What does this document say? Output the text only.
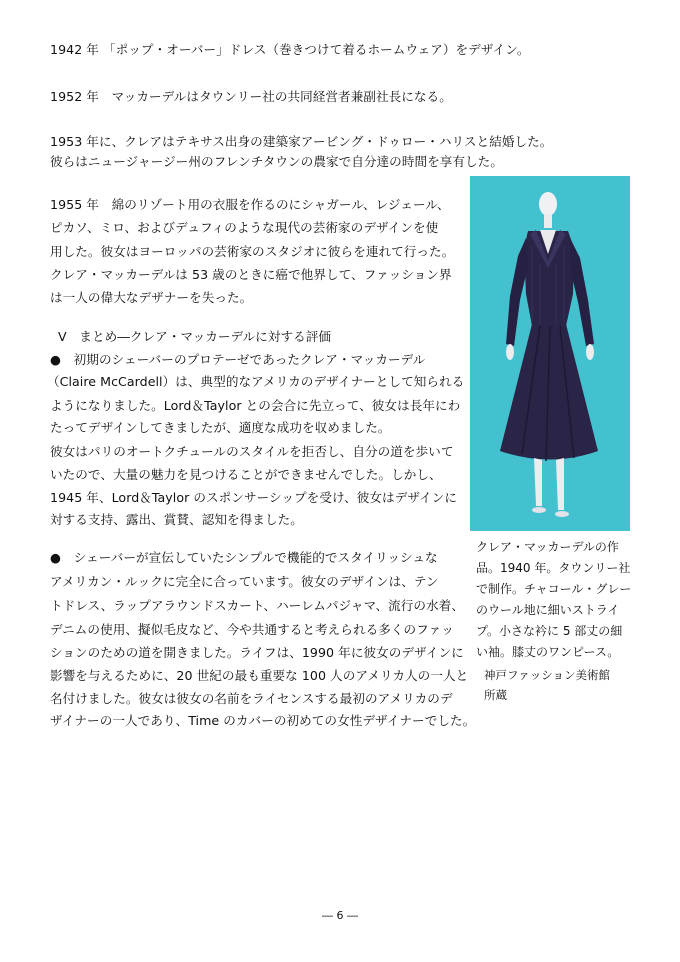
1942 年 「ポップ・オーバー」ドレス（巻きつけて着るホームウェア）をデザイン。
1952 年　マッカーデルはタウンリー社の共同経営者兼副社長になる。
1953 年に、クレアはテキサス出身の建築家アービング・ドゥロー・ハリスと結婚した。
彼らはニュージャージー州のフレンチタウンの農家で自分達の時間を享有した。
1955 年　綿のリゾート用の衣服を作るのにシャガール、レジェール、
ピカソ、ミロ、およびデュフィのような現代の芸術家のデザインを使
用した。彼女はヨーロッパの芸術家のスタジオに彼らを連れて行った。
クレア・マッカーデルは 53 歳のときに癌で他界して、ファッション界
は一人の偉大なデザナーを失った。
Ⅴ　まとめ―クレア・マッカーデルに対する評価
●　初期のシェーバーのプロテーゼであったクレア・マッカーデル
（Claire McCardell）は、典型的なアメリカのデザイナーとして知られる
ようになりました。Lord＆Taylor との会合に先立って、彼女は長年にわ
たってデザインしてきましたが、適度な成功を収めました。
彼女はパリのオートクチュールのスタイルを拒否し、自分の道を歩いて
いたので、大量の魅力を見つけることができませんでした。しかし、
1945 年、Lord＆Taylor のスポンサーシップを受け、彼女はデザインに
対する支持、露出、賞賛、認知を得ました。
●　シェーバーが宣伝していたシンプルで機能的でスタイリッシュな
アメリカン・ルックに完全に合っています。彼女のデザインは、テン
トドレス、ラップアラウンドスカート、ハーレムパジャマ、流行の水着、
デニムの使用、擬似毛皮など、今や共通すると考えられる多くのファッ
ションのための道を開きました。ライフは、1990 年に彼女のデザインに
影響を与えるために、20 世紀の最も重要な 100 人のアメリカ人の一人と
名付けました。彼女は彼女の名前をライセンスする最初のアメリカのデ
ザイナーの一人であり、Time のカバーの初めての女性デザイナーでした。
クレア・マッカーデルの作
品。1940 年。タウンリー社
で制作。チャコール・グレー
のウール地に細いストライ
プ。小さな衿に 5 部丈の細
い袖。膝丈のワンピース。
神戸ファッション美術館
所蔵
― 6 ―
